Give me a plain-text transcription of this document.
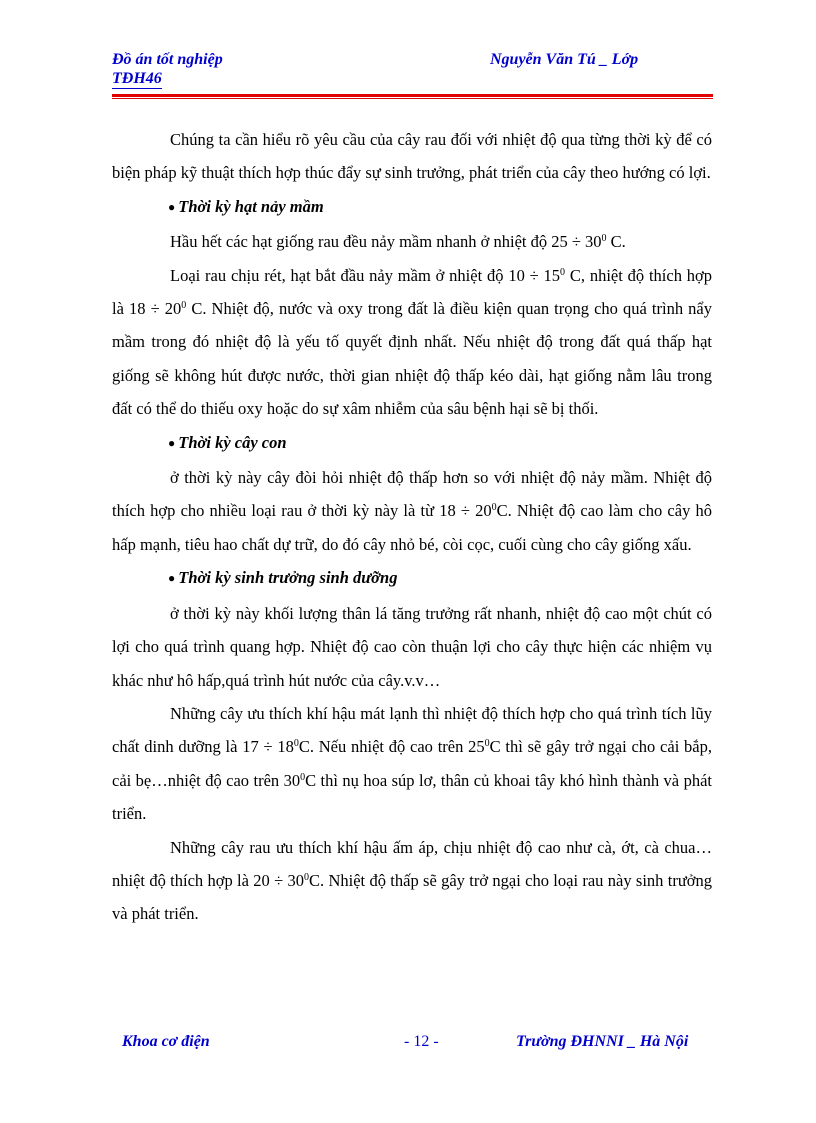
Đồ án tốt nghiệp
TĐH46
Nguyễn Văn Tú _ Lớp

Chúng ta cần hiểu rõ yêu cầu của cây rau đối với nhiệt độ qua từng thời kỳ để có biện pháp kỹ thuật thích hợp thúc đẩy sự sinh trưởng, phát triển của cây theo hướng có lợi.

● Thời kỳ hạt nảy mầm

Hầu hết các hạt giống rau đều nảy mầm nhanh ở nhiệt độ $25 \div 30^0$ C.

Loại rau chịu rét, hạt bắt đầu nảy mầm ở nhiệt độ $10 \div 15^0$ C, nhiệt độ thích hợp là $18 \div 20^0$ C. Nhiệt độ, nước và oxy trong đất là điều kiện quan trọng cho quá trình nẩy mầm trong đó nhiệt độ là yếu tố quyết định nhất. Nếu nhiệt độ trong đất quá thấp hạt giống sẽ không hút được nước, thời gian nhiệt độ thấp kéo dài, hạt giống nằm lâu trong đất có thể do thiếu oxy hoặc do sự xâm nhiễm của sâu bệnh hại sẽ bị thối.

● Thời kỳ cây con

ở thời kỳ này cây đòi hỏi nhiệt độ thấp hơn so với nhiệt độ nảy mầm. Nhiệt độ thích hợp cho nhiều loại rau ở thời kỳ này là từ $18 \div 20^0C$. Nhiệt độ cao làm cho cây hô hấp mạnh, tiêu hao chất dự trữ, do đó cây nhỏ bé, còi cọc, cuối cùng cho cây giống xấu.

● Thời kỳ sinh trưởng sinh dưỡng

ở thời kỳ này khối lượng thân lá tăng trưởng rất nhanh, nhiệt độ cao một chút có lợi cho quá trình quang hợp. Nhiệt độ cao còn thuận lợi cho cây thực hiện các nhiệm vụ khác như hô hấp,quá trình hút nước của cây.v.v…

Những cây ưu thích khí hậu mát lạnh thì nhiệt độ thích hợp cho quá trình tích lũy chất dinh dưỡng là $17 \div 18^0C$. Nếu nhiệt độ cao trên $25^0C$ thì sẽ gây trở ngại cho cải bắp, cải bẹ…nhiệt độ cao trên $30^0C$ thì nụ hoa súp lơ, thân củ khoai tây khó hình thành và phát triển.

Những cây rau ưu thích khí hậu ấm áp, chịu nhiệt độ cao như cà, ớt, cà chua… nhiệt độ thích hợp là $20 \div 30^0C$. Nhiệt độ thấp sẽ gây trở ngại cho loại rau này sinh trưởng và phát triển.

Khoa cơ điện	- 12 -	Trường ĐHNNI _ Hà Nội
